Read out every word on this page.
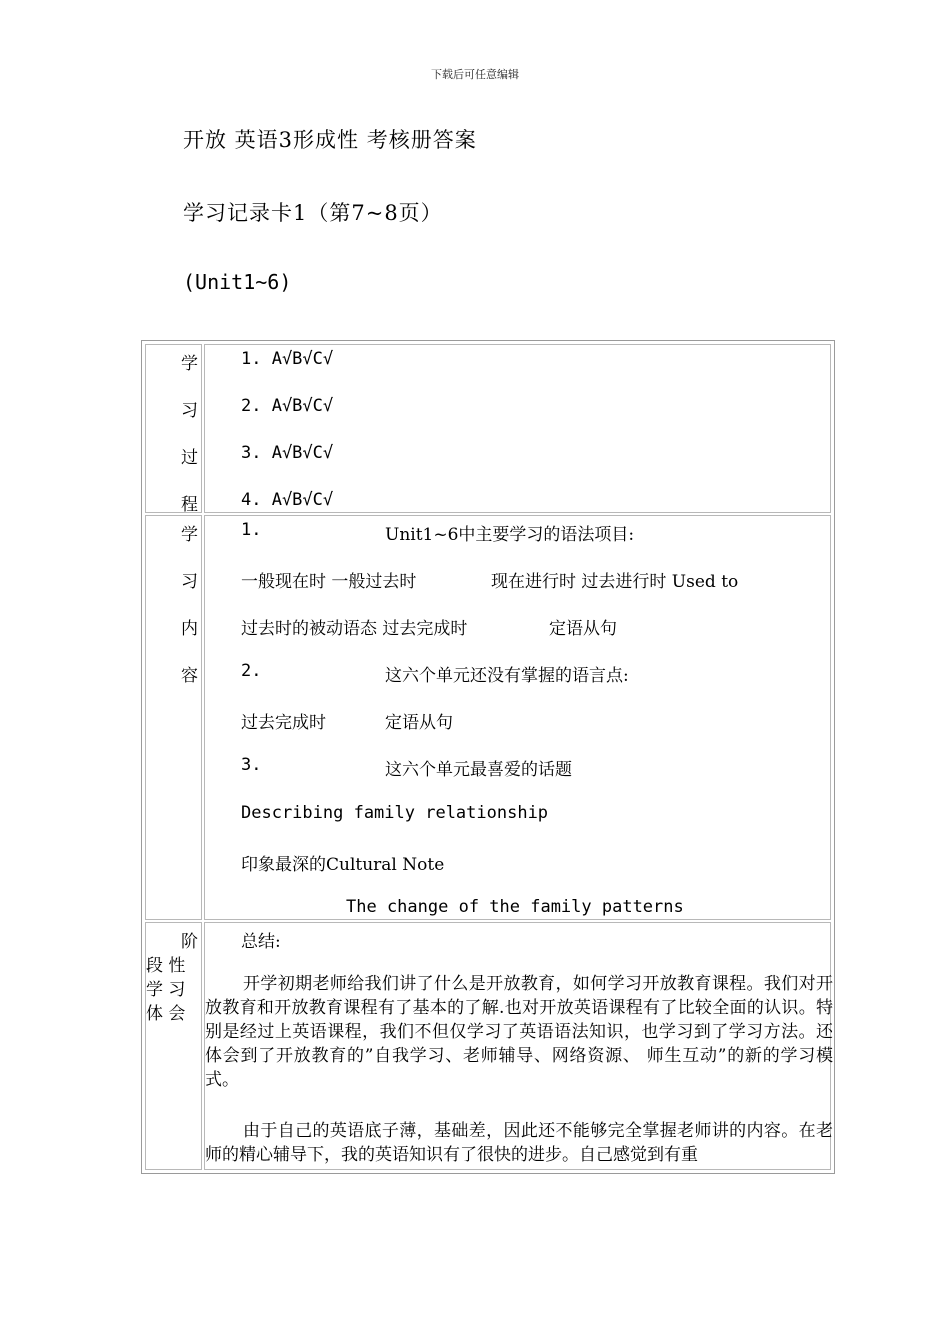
下载后可任意编辑
开放 英语3形成性 考核册答案
学习记录卡1（第7~8页）
(Unit1~6)
学
习
过
程
1. A√B√C√
2. A√B√C√
3. A√B√C√
4. A√B√C√
学
习
内
容
1.	Unit1~6中主要学习的语法项目:
一般现在时 一般过去时	现在进行时 过去进行时 Used to
过去时的被动语态 过去完成时	定语从句
2.	这六个单元还没有掌握的语言点:
过去完成时	定语从句
3.	这六个单元最喜爱的话题
Describing family relationship
印象最深的Cultural Note
The change of the family patterns
阶
段 性
学 习
体 会
总结:
开学初期老师给我们讲了什么是开放教育，如何学习开放教育课程。我们对开放教育和开放教育课程有了基本的了解.也对开放英语课程有了比较全面的认识。特别是经过上英语课程，我们不但仅学习了英语语法知识，也学习到了学习方法。还体会到了开放教育的”自我学习、老师辅导、网络资源、 师生互动”的新的学习模式。
由于自己的英语底子薄，基础差，因此还不能够完全掌握老师讲的内容。在老师的精心辅导下，我的英语知识有了很快的进步。自己感觉到有重
